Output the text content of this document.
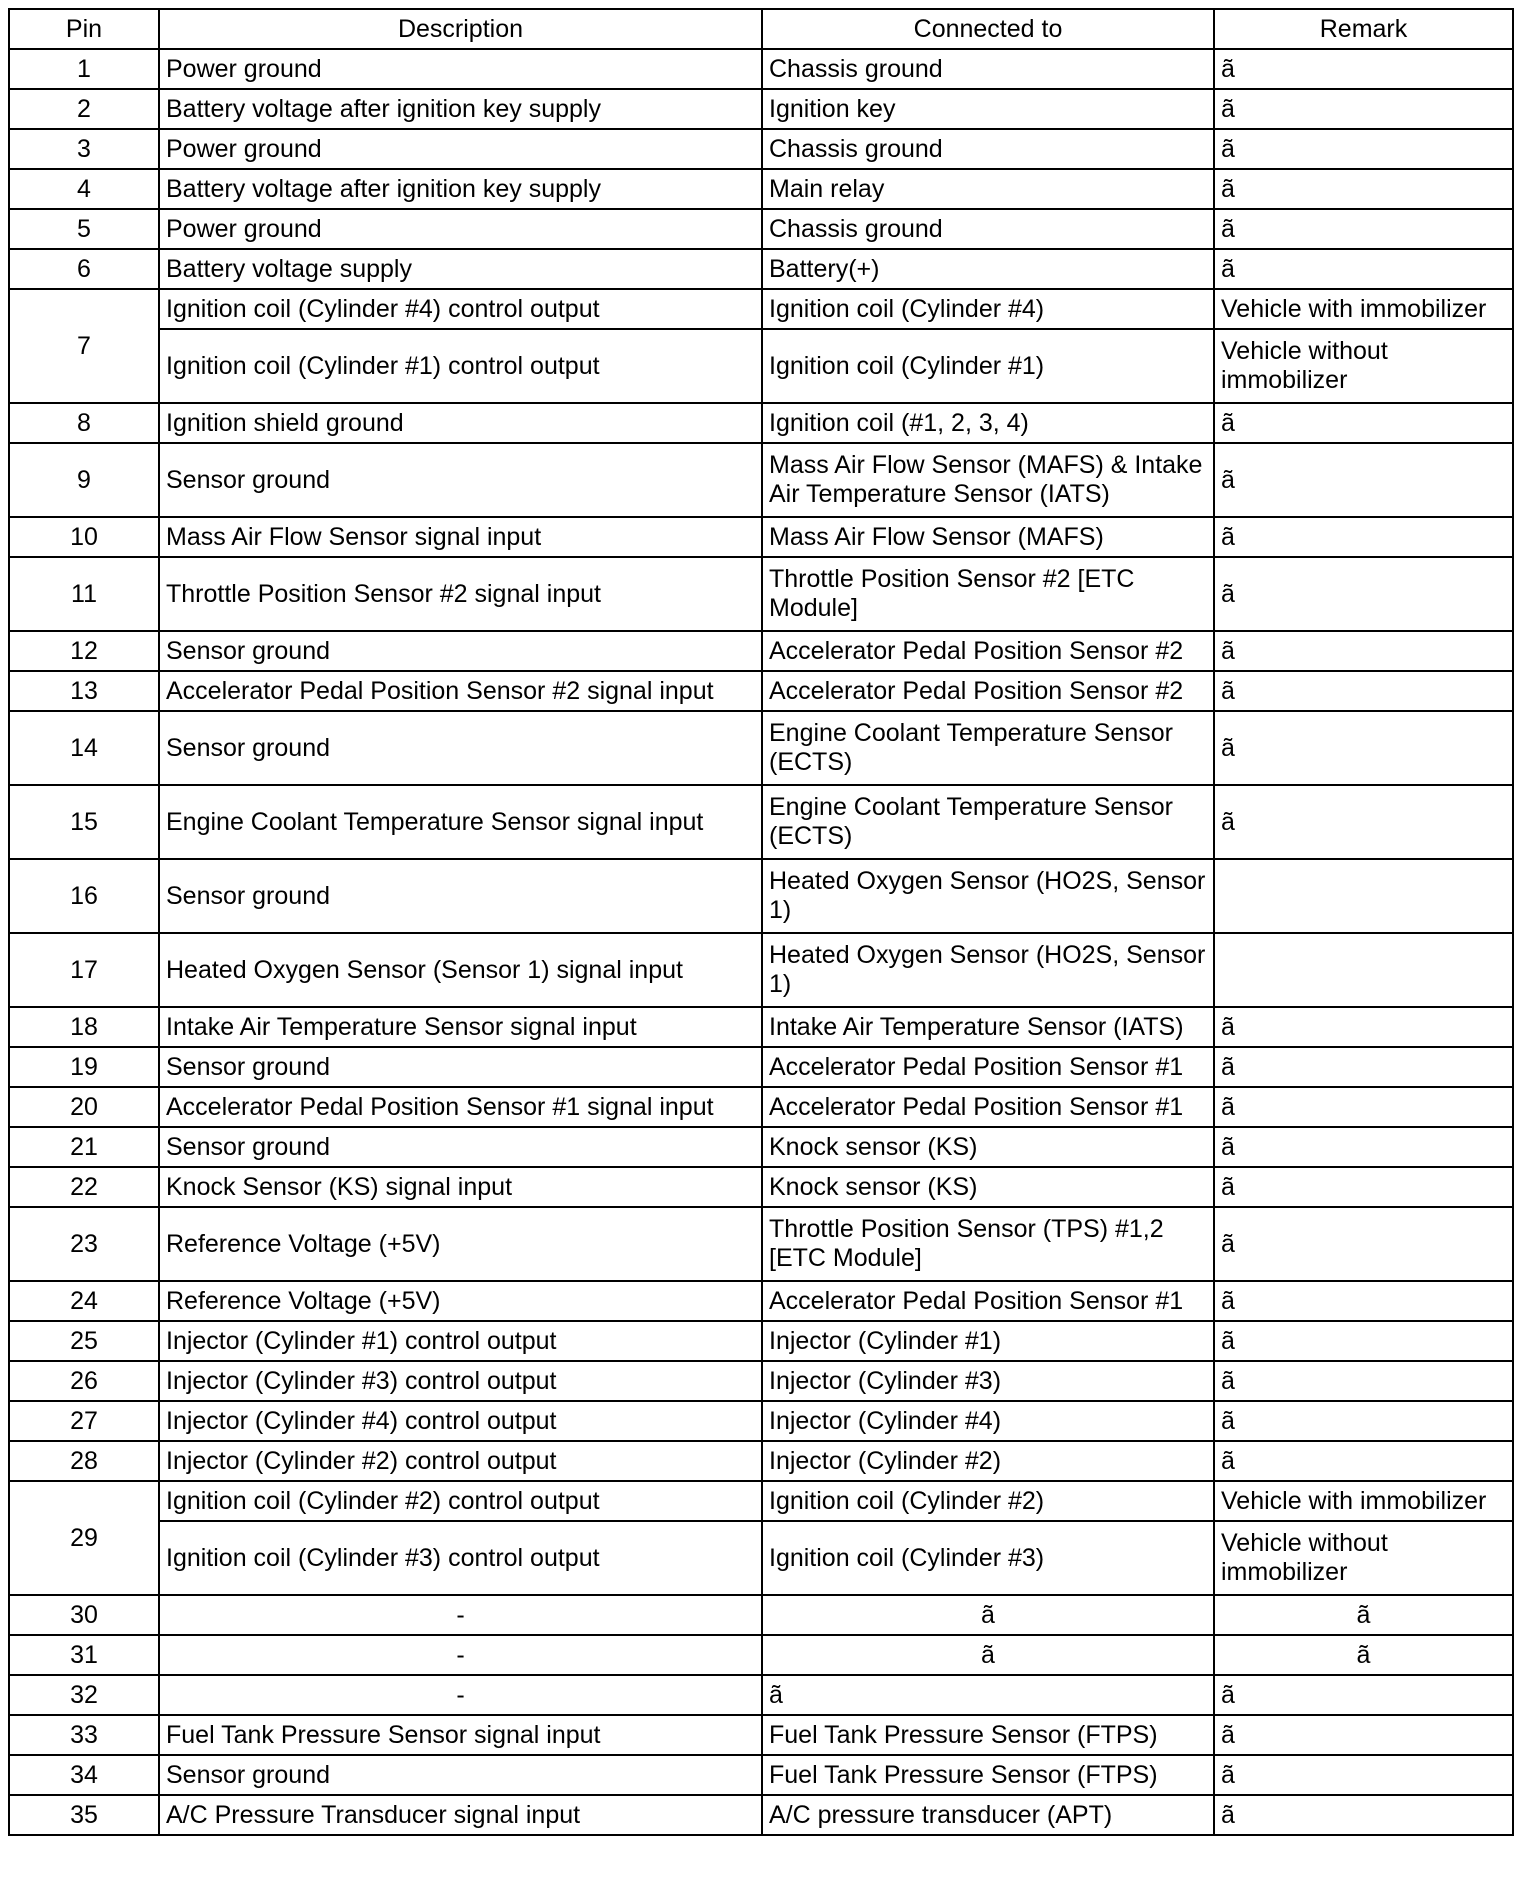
Pin	Description	Connected to	Remark
1	Power ground	Chassis ground	ã
2	Battery voltage after ignition key supply	Ignition key	ã
3	Power ground	Chassis ground	ã
4	Battery voltage after ignition key supply	Main relay	ã
5	Power ground	Chassis ground	ã
6	Battery voltage supply	Battery(+)	ã
7	Ignition coil (Cylinder #4) control output	Ignition coil (Cylinder #4)	Vehicle with immobilizer
	Ignition coil (Cylinder #1) control output	Ignition coil (Cylinder #1)	Vehicle without immobilizer
8	Ignition shield ground	Ignition coil (#1, 2, 3, 4)	ã
9	Sensor ground	Mass Air Flow Sensor (MAFS) & Intake Air Temperature Sensor (IATS)	ã
10	Mass Air Flow Sensor signal input	Mass Air Flow Sensor (MAFS)	ã
11	Throttle Position Sensor #2 signal input	Throttle Position Sensor #2 [ETC Module]	ã
12	Sensor ground	Accelerator Pedal Position Sensor #2	ã
13	Accelerator Pedal Position Sensor #2 signal input	Accelerator Pedal Position Sensor #2	ã
14	Sensor ground	Engine Coolant Temperature Sensor (ECTS)	ã
15	Engine Coolant Temperature Sensor signal input	Engine Coolant Temperature Sensor (ECTS)	ã
16	Sensor ground	Heated Oxygen Sensor (HO2S, Sensor 1)	
17	Heated Oxygen Sensor (Sensor 1) signal input	Heated Oxygen Sensor (HO2S, Sensor 1)	
18	Intake Air Temperature Sensor signal input	Intake Air Temperature Sensor (IATS)	ã
19	Sensor ground	Accelerator Pedal Position Sensor #1	ã
20	Accelerator Pedal Position Sensor #1 signal input	Accelerator Pedal Position Sensor #1	ã
21	Sensor ground	Knock sensor (KS)	ã
22	Knock Sensor (KS) signal input	Knock sensor (KS)	ã
23	Reference Voltage (+5V)	Throttle Position Sensor (TPS) #1,2 [ETC Module]	ã
24	Reference Voltage (+5V)	Accelerator Pedal Position Sensor #1	ã
25	Injector (Cylinder #1) control output	Injector (Cylinder #1)	ã
26	Injector (Cylinder #3) control output	Injector (Cylinder #3)	ã
27	Injector (Cylinder #4) control output	Injector (Cylinder #4)	ã
28	Injector (Cylinder #2) control output	Injector (Cylinder #2)	ã
29	Ignition coil (Cylinder #2) control output	Ignition coil (Cylinder #2)	Vehicle with immobilizer
	Ignition coil (Cylinder #3) control output	Ignition coil (Cylinder #3)	Vehicle without immobilizer
30	-	ã	ã
31	-	ã	ã
32	-	ã	ã
33	Fuel Tank Pressure Sensor signal input	Fuel Tank Pressure Sensor (FTPS)	ã
34	Sensor ground	Fuel Tank Pressure Sensor (FTPS)	ã
35	A/C Pressure Transducer signal input	A/C pressure transducer (APT)	ã
